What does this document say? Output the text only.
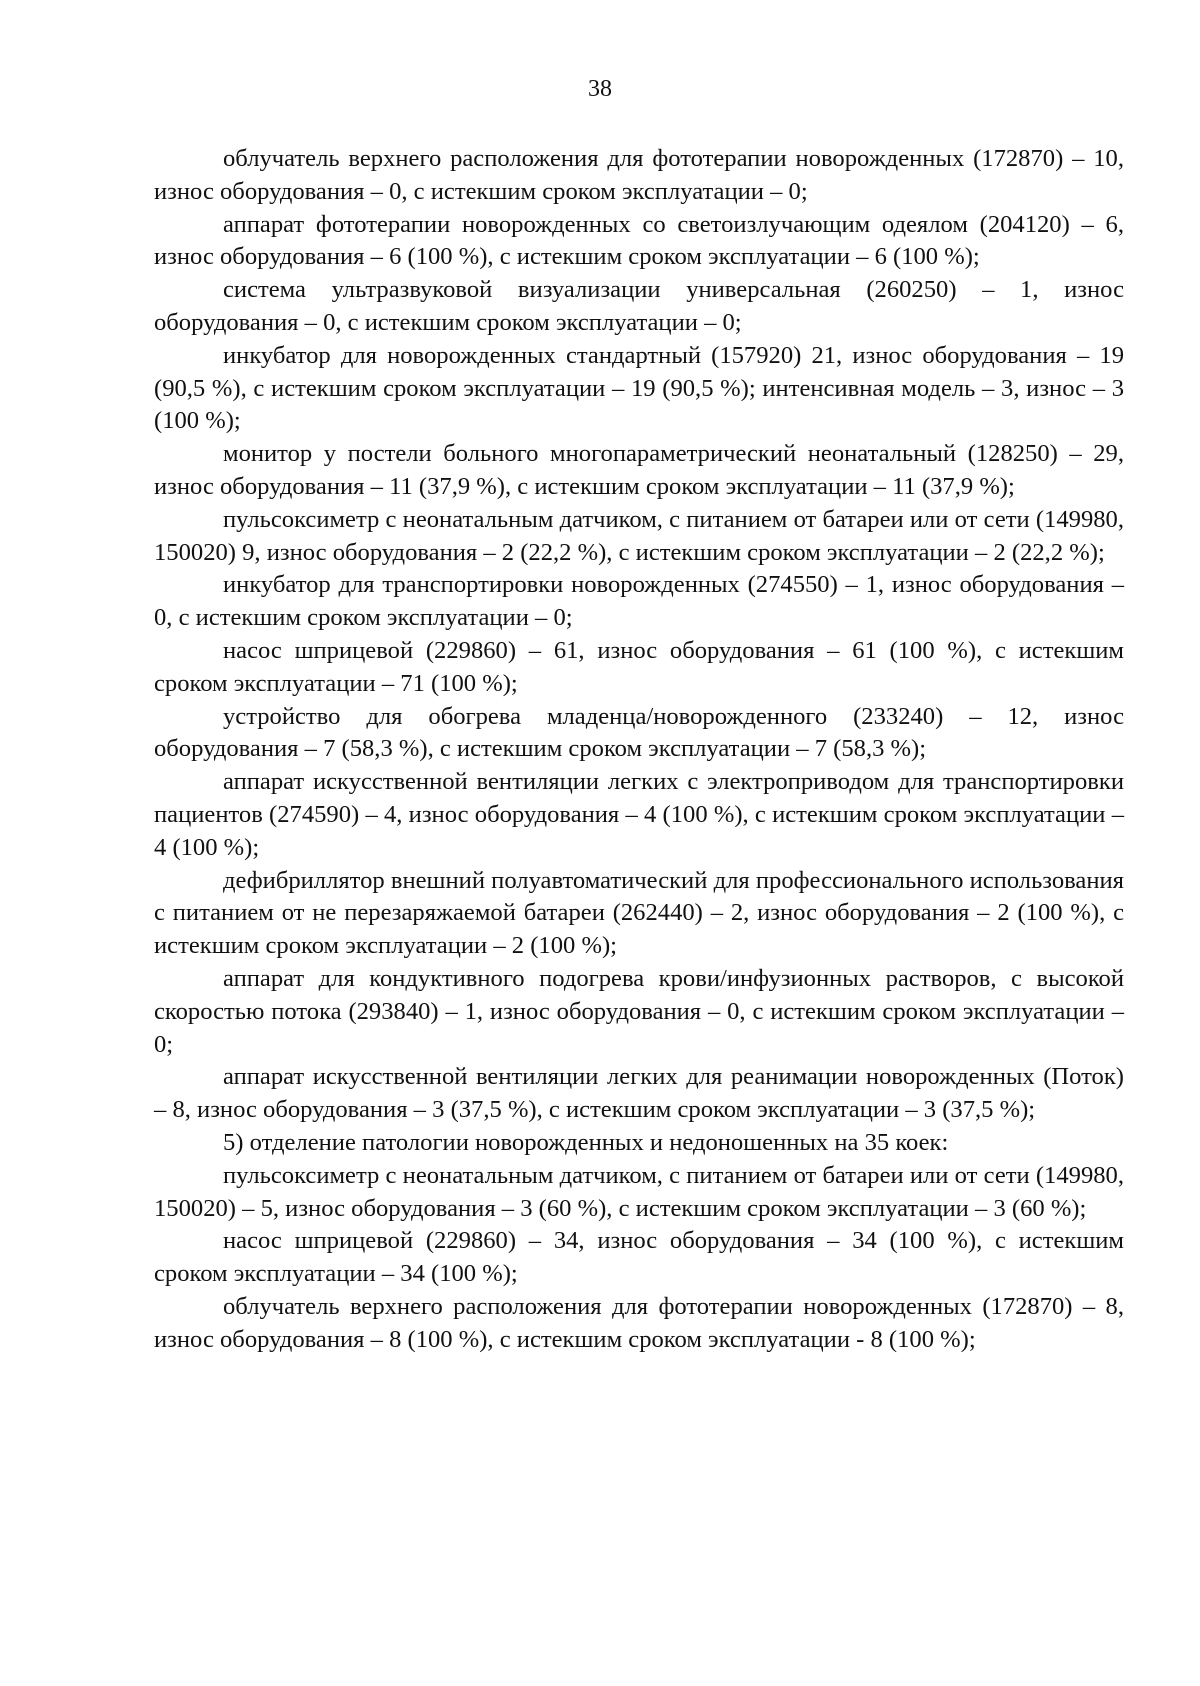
38

облучатель верхнего расположения для фототерапии новорожденных (172870) – 10, износ оборудования – 0, с истекшим сроком эксплуатации – 0;

аппарат фототерапии новорожденных со светоизлучающим одеялом (204120) – 6, износ оборудования – 6 (100 %), с истекшим сроком эксплуатации – 6 (100 %);

система ультразвуковой визуализации универсальная (260250) – 1, износ оборудования – 0, с истекшим сроком эксплуатации – 0;

инкубатор для новорожденных стандартный (157920) 21, износ оборудования – 19 (90,5 %), с истекшим сроком эксплуатации – 19 (90,5 %); интенсивная модель – 3, износ – 3 (100 %);

монитор у постели больного многопараметрический неонатальный (128250) – 29, износ оборудования – 11 (37,9 %), с истекшим сроком эксплуатации – 11 (37,9 %);

пульсоксиметр с неонатальным датчиком, с питанием от батареи или от сети (149980, 150020) 9, износ оборудования – 2 (22,2 %), с истекшим сроком эксплуатации – 2 (22,2 %);

инкубатор для транспортировки новорожденных (274550) – 1, износ оборудования – 0, с истекшим сроком эксплуатации – 0;

насос шприцевой (229860) – 61, износ оборудования – 61 (100 %), с истекшим сроком эксплуатации – 71 (100 %);

устройство для обогрева младенца/новорожденного (233240) – 12, износ оборудования – 7 (58,3 %), с истекшим сроком эксплуатации – 7 (58,3 %);

аппарат искусственной вентиляции легких с электроприводом для транспортировки пациентов (274590) – 4, износ оборудования – 4 (100 %), с истекшим сроком эксплуатации – 4 (100 %);

дефибриллятор внешний полуавтоматический для профессионального использования с питанием от не перезаряжаемой батареи (262440) – 2, износ оборудования – 2 (100 %), с истекшим сроком эксплуатации – 2 (100 %);

аппарат для кондуктивного подогрева крови/инфузионных растворов, с высокой скоростью потока (293840) – 1, износ оборудования – 0, с истекшим сроком эксплуатации – 0;

аппарат искусственной вентиляции легких для реанимации новорожденных (Поток) – 8, износ оборудования – 3 (37,5 %), с истекшим сроком эксплуатации – 3 (37,5 %);

5) отделение патологии новорожденных и недоношенных на 35 коек:

пульсоксиметр с неонатальным датчиком, с питанием от батареи или от сети (149980, 150020) – 5, износ оборудования – 3 (60 %), с истекшим сроком эксплуатации – 3 (60 %);

насос шприцевой (229860) – 34, износ оборудования – 34 (100 %), с истекшим сроком эксплуатации – 34 (100 %);

облучатель верхнего расположения для фототерапии новорожденных (172870) – 8, износ оборудования – 8 (100 %), с истекшим сроком эксплуатации - 8 (100 %);
